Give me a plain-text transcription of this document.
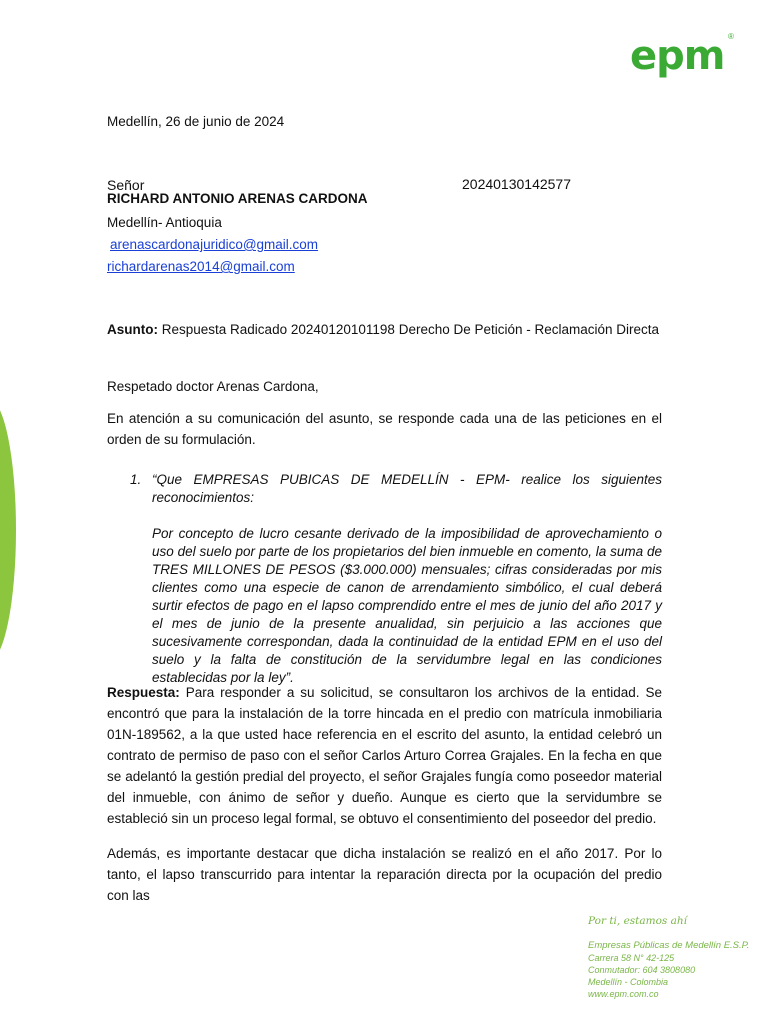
epm ®
Medellín, 26 de junio de 2024
Señor	20240130142577
RICHARD ANTONIO ARENAS CARDONA
Medellín- Antioquia
arenascardonajuridico@gmail.com
richardarenas2014@gmail.com
Asunto: Respuesta Radicado 20240120101198 Derecho De Petición - Reclamación Directa
Respetado doctor Arenas Cardona,
En atención a su comunicación del asunto, se responde cada una de las peticiones en el orden de su formulación.
1. “Que EMPRESAS PUBICAS DE MEDELLÍN - EPM- realice los siguientes reconocimientos:
Por concepto de lucro cesante derivado de la imposibilidad de aprovechamiento o uso del suelo por parte de los propietarios del bien inmueble en comento, la suma de TRES MILLONES DE PESOS ($3.000.000) mensuales; cifras consideradas por mis clientes como una especie de canon de arrendamiento simbólico, el cual deberá surtir efectos de pago en el lapso comprendido entre el mes de junio del año 2017 y el mes de junio de la presente anualidad, sin perjuicio a las acciones que sucesivamente correspondan, dada la continuidad de la entidad EPM en el uso del suelo y la falta de constitución de la servidumbre legal en las condiciones establecidas por la ley”.
Respuesta: Para responder a su solicitud, se consultaron los archivos de la entidad. Se encontró que para la instalación de la torre hincada en el predio con matrícula inmobiliaria 01N-189562, a la que usted hace referencia en el escrito del asunto, la entidad celebró un contrato de permiso de paso con el señor Carlos Arturo Correa Grajales. En la fecha en que se adelantó la gestión predial del proyecto, el señor Grajales fungía como poseedor material del inmueble, con ánimo de señor y dueño. Aunque es cierto que la servidumbre se estableció sin un proceso legal formal, se obtuvo el consentimiento del poseedor del predio.
Además, es importante destacar que dicha instalación se realizó en el año 2017. Por lo tanto, el lapso transcurrido para intentar la reparación directa por la ocupación del predio con las
Por ti, estamos ahí
Empresas Públicas de Medellín E.S.P.
Carrera 58 N° 42-125
Conmutador: 604 3808080
Medellín - Colombia
www.epm.com.co
